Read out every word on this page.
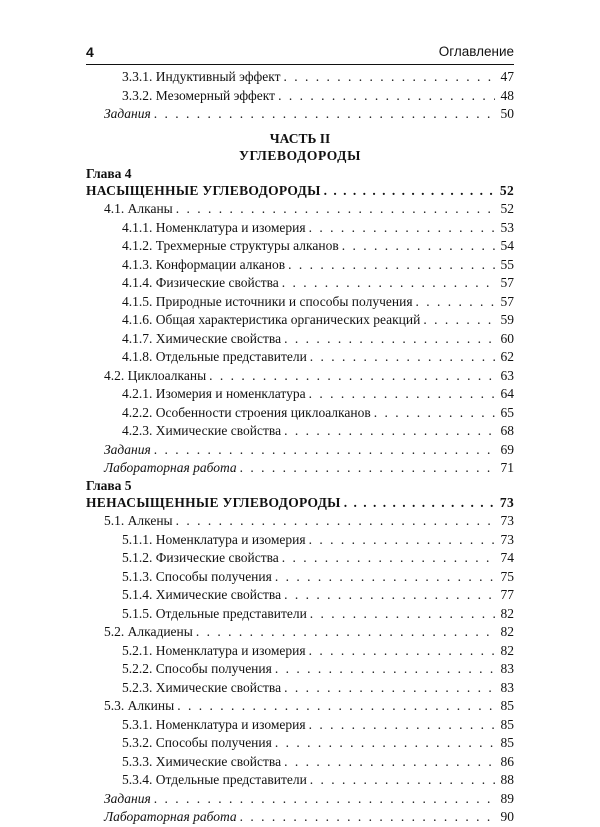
4	Оглавление
3.3.1. Индуктивный эффект . . .	47
3.3.2. Мезомерный эффект . . .	48
Задания . . .	50
ЧАСТЬ II
УГЛЕВОДОРОДЫ
Глава 4
НАСЫЩЕННЫЕ УГЛЕВОДОРОДЫ . . .	52
4.1. Алканы . . .	52
4.1.1. Номенклатура и изомерия . . .	53
4.1.2. Трехмерные структуры алканов . . .	54
4.1.3. Конформации алканов . . .	55
4.1.4. Физические свойства . . .	57
4.1.5. Природные источники и способы получения . . .	57
4.1.6. Общая характеристика органических реакций . . .	59
4.1.7. Химические свойства . . .	60
4.1.8. Отдельные представители . . .	62
4.2. Циклоалканы . . .	63
4.2.1. Изомерия и номенклатура . . .	64
4.2.2. Особенности строения циклоалканов . . .	65
4.2.3. Химические свойства . . .	68
Задания . . .	69
Лабораторная работа . . .	71
Глава 5
НЕНАСЫЩЕННЫЕ УГЛЕВОДОРОДЫ . . .	73
5.1. Алкены . . .	73
5.1.1. Номенклатура и изомерия . . .	73
5.1.2. Физические свойства . . .	74
5.1.3. Способы получения . . .	75
5.1.4. Химические свойства . . .	77
5.1.5. Отдельные представители . . .	82
5.2. Алкадиены . . .	82
5.2.1. Номенклатура и изомерия . . .	82
5.2.2. Способы получения . . .	83
5.2.3. Химические свойства . . .	83
5.3. Алкины . . .	85
5.3.1. Номенклатура и изомерия . . .	85
5.3.2. Способы получения . . .	85
5.3.3. Химические свойства . . .	86
5.3.4. Отдельные представители . . .	88
Задания . . .	89
Лабораторная работа . . .	90
